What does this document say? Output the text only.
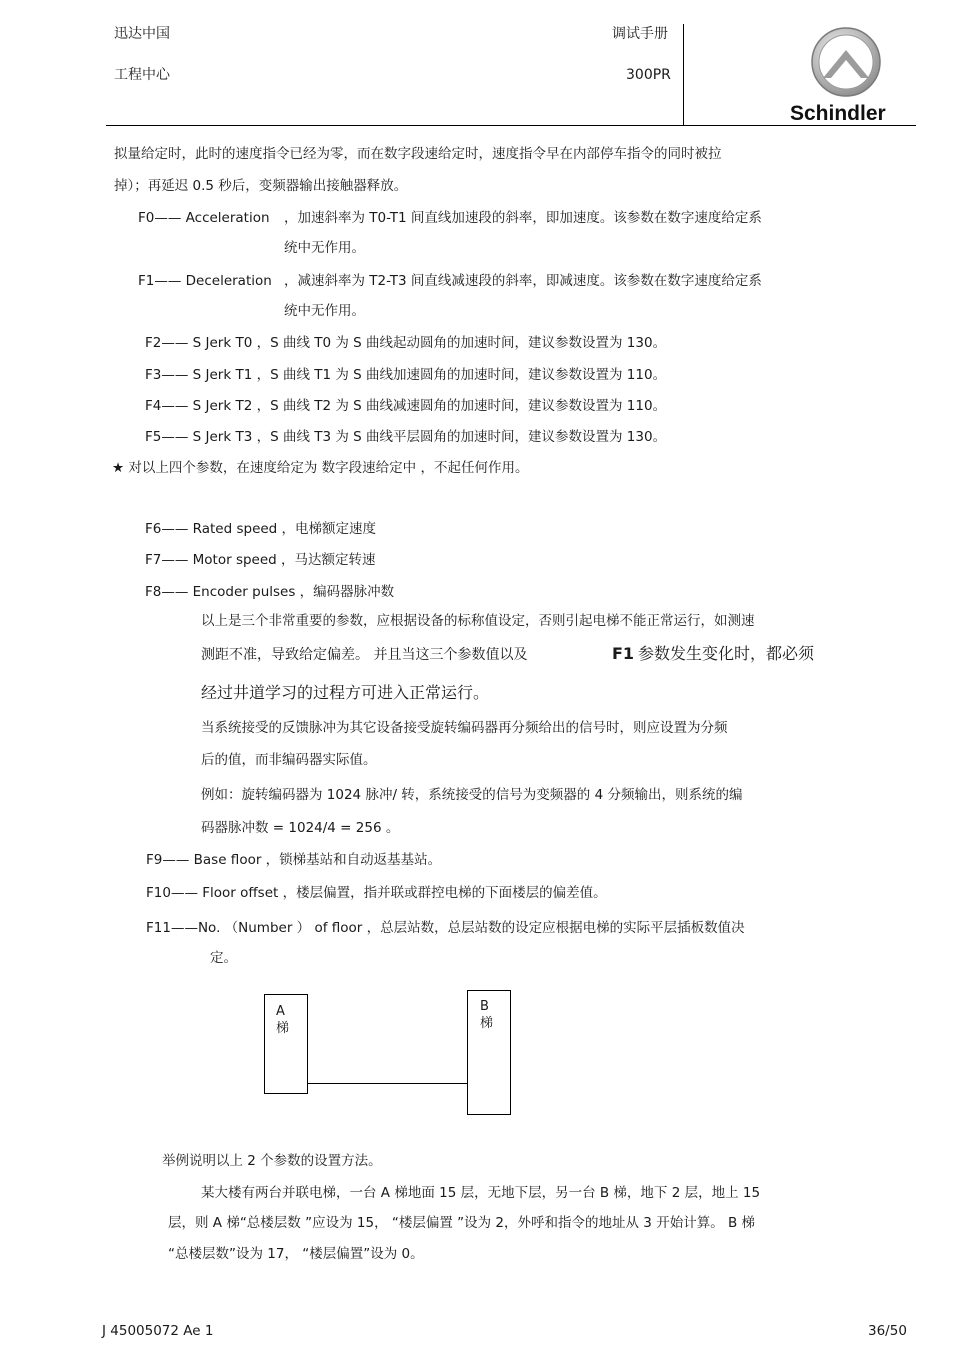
迅达中国
工程中心
调试手册
300PR
Schindler
拟量给定时，此时的速度指令已经为零，而在数字段速给定时，速度指令早在内部停车指令的同时被拉
掉）；再延迟 0.5 秒后，变频器输出接触器释放。
F0—— Acceleration ，加速斜率为 T0-T1 间直线加速段的斜率，即加速度。该参数在数字速度给定系
统中无作用。
F1—— Deceleration ，减速斜率为 T2-T3 间直线减速段的斜率，即减速度。该参数在数字速度给定系
统中无作用。
F2—— S Jerk T0 ，S 曲线 T0 为 S 曲线起动圆角的加速时间，建议参数设置为 130。
F3—— S Jerk T1 ，S 曲线 T1 为 S 曲线加速圆角的加速时间，建议参数设置为 110。
F4—— S Jerk T2 ，S 曲线 T2 为 S 曲线减速圆角的加速时间，建议参数设置为 110。
F5—— S Jerk T3 ，S 曲线 T3 为 S 曲线平层圆角的加速时间，建议参数设置为 130。
★ 对以上四个参数，在速度给定为 数字段速给定中 ，不起任何作用。
F6—— Rated speed ，电梯额定速度
F7—— Motor speed ，马达额定转速
F8—— Encoder pulses ，编码器脉冲数
以上是三个非常重要的参数，应根据设备的标称值设定，否则引起电梯不能正常运行，如测速
测距不准，导致给定偏差。 并且当这三个参数值以及	F1 参数发生变化时，都必须
经过井道学习的过程方可进入正常运行。
当系统接受的反馈脉冲为其它设备接受旋转编码器再分频给出的信号时，则应设置为分频
后的值，而非编码器实际值。
例如：旋转编码器为 1024 脉冲/ 转，系统接受的信号为变频器的 4 分频输出，则系统的编
码器脉冲数 = 1024/4 = 256 。
F9—— Base floor ，锁梯基站和自动返基基站。
F10—— Floor offset ，楼层偏置，指并联或群控电梯的下面楼层的偏差值。
F11——No. （Number ） of floor ，总层站数，总层站数的设定应根据电梯的实际平层插板数值决
定。
A
梯
B
梯
举例说明以上 2 个参数的设置方法。
某大楼有两台并联电梯，一台 A 梯地面 15 层，无地下层，另一台 B 梯，地下 2 层，地上 15
层，则 A 梯“总楼层数 ”应设为 15， “楼层偏置 ”设为 2，外呼和指令的地址从 3 开始计算。 B 梯
“总楼层数”设为 17， “楼层偏置”设为 0。
J 45005072 Ae 1	36/50
